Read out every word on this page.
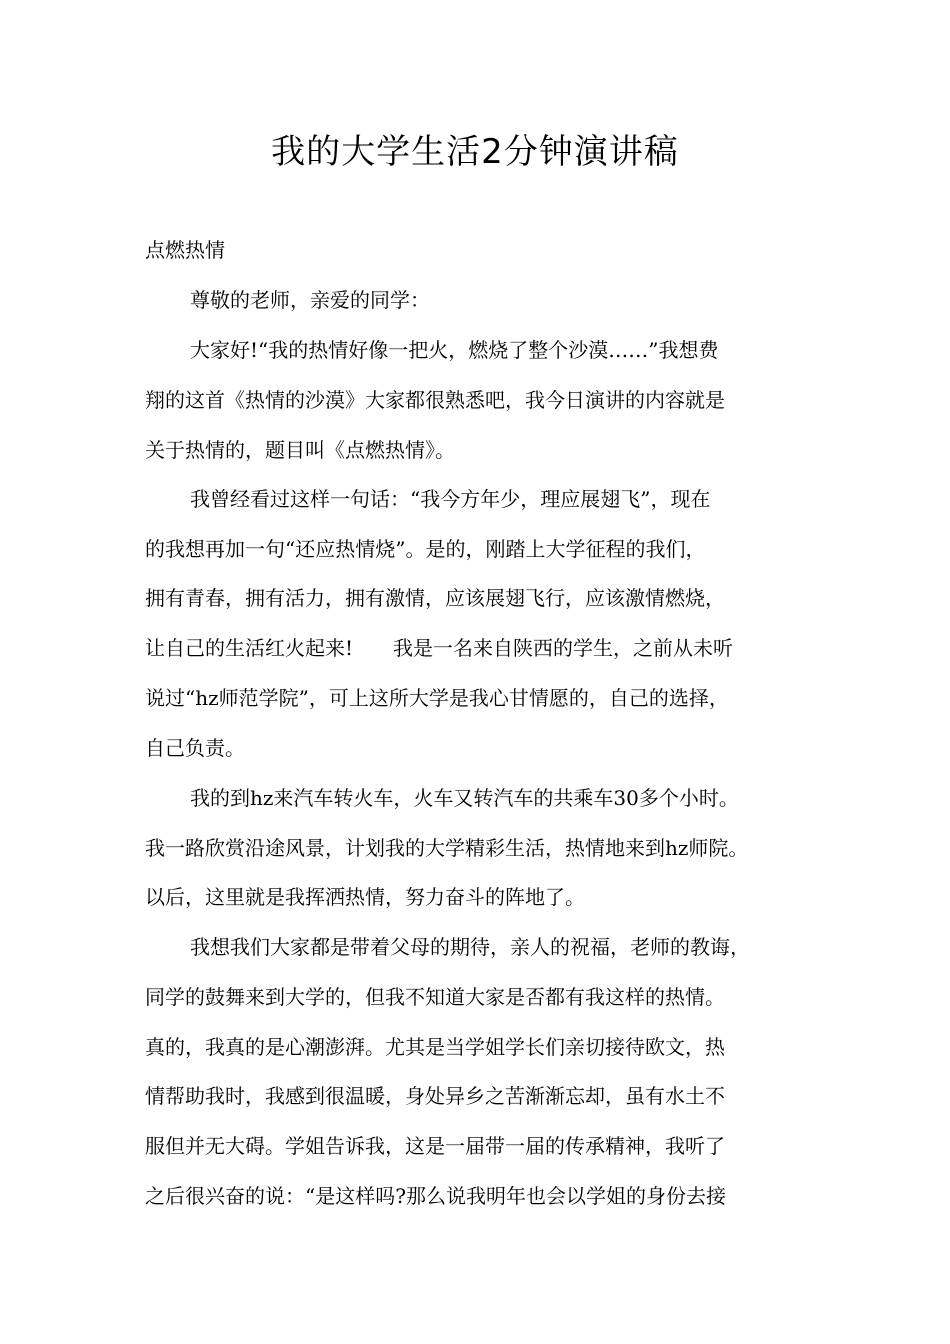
我的大学生活2分钟演讲稿
点燃热情
尊敬的老师，亲爱的同学：
大家好!“我的热情好像一把火，燃烧了整个沙漠……”我想费
翔的这首《热情的沙漠》大家都很熟悉吧，我今日演讲的内容就是
关于热情的，题目叫《点燃热情》。
我曾经看过这样一句话：“我今方年少，理应展翅飞”，现在
的我想再加一句“还应热情烧”。是的，刚踏上大学征程的我们，
拥有青春，拥有活力，拥有激情，应该展翅飞行，应该激情燃烧，
让自己的生活红火起来!　　我是一名来自陕西的学生，之前从未听
说过“hz师范学院”，可上这所大学是我心甘情愿的，自己的选择，
自己负责。
我的到hz来汽车转火车，火车又转汽车的共乘车30多个小时。
我一路欣赏沿途风景，计划我的大学精彩生活，热情地来到hz师院。
以后，这里就是我挥洒热情，努力奋斗的阵地了。
我想我们大家都是带着父母的期待，亲人的祝福，老师的教诲，
同学的鼓舞来到大学的，但我不知道大家是否都有我这样的热情。
真的，我真的是心潮澎湃。尤其是当学姐学长们亲切接待欧文，热
情帮助我时，我感到很温暖，身处异乡之苦渐渐忘却，虽有水土不
服但并无大碍。学姐告诉我，这是一届带一届的传承精神，我听了
之后很兴奋的说：“是这样吗?那么说我明年也会以学姐的身份去接
